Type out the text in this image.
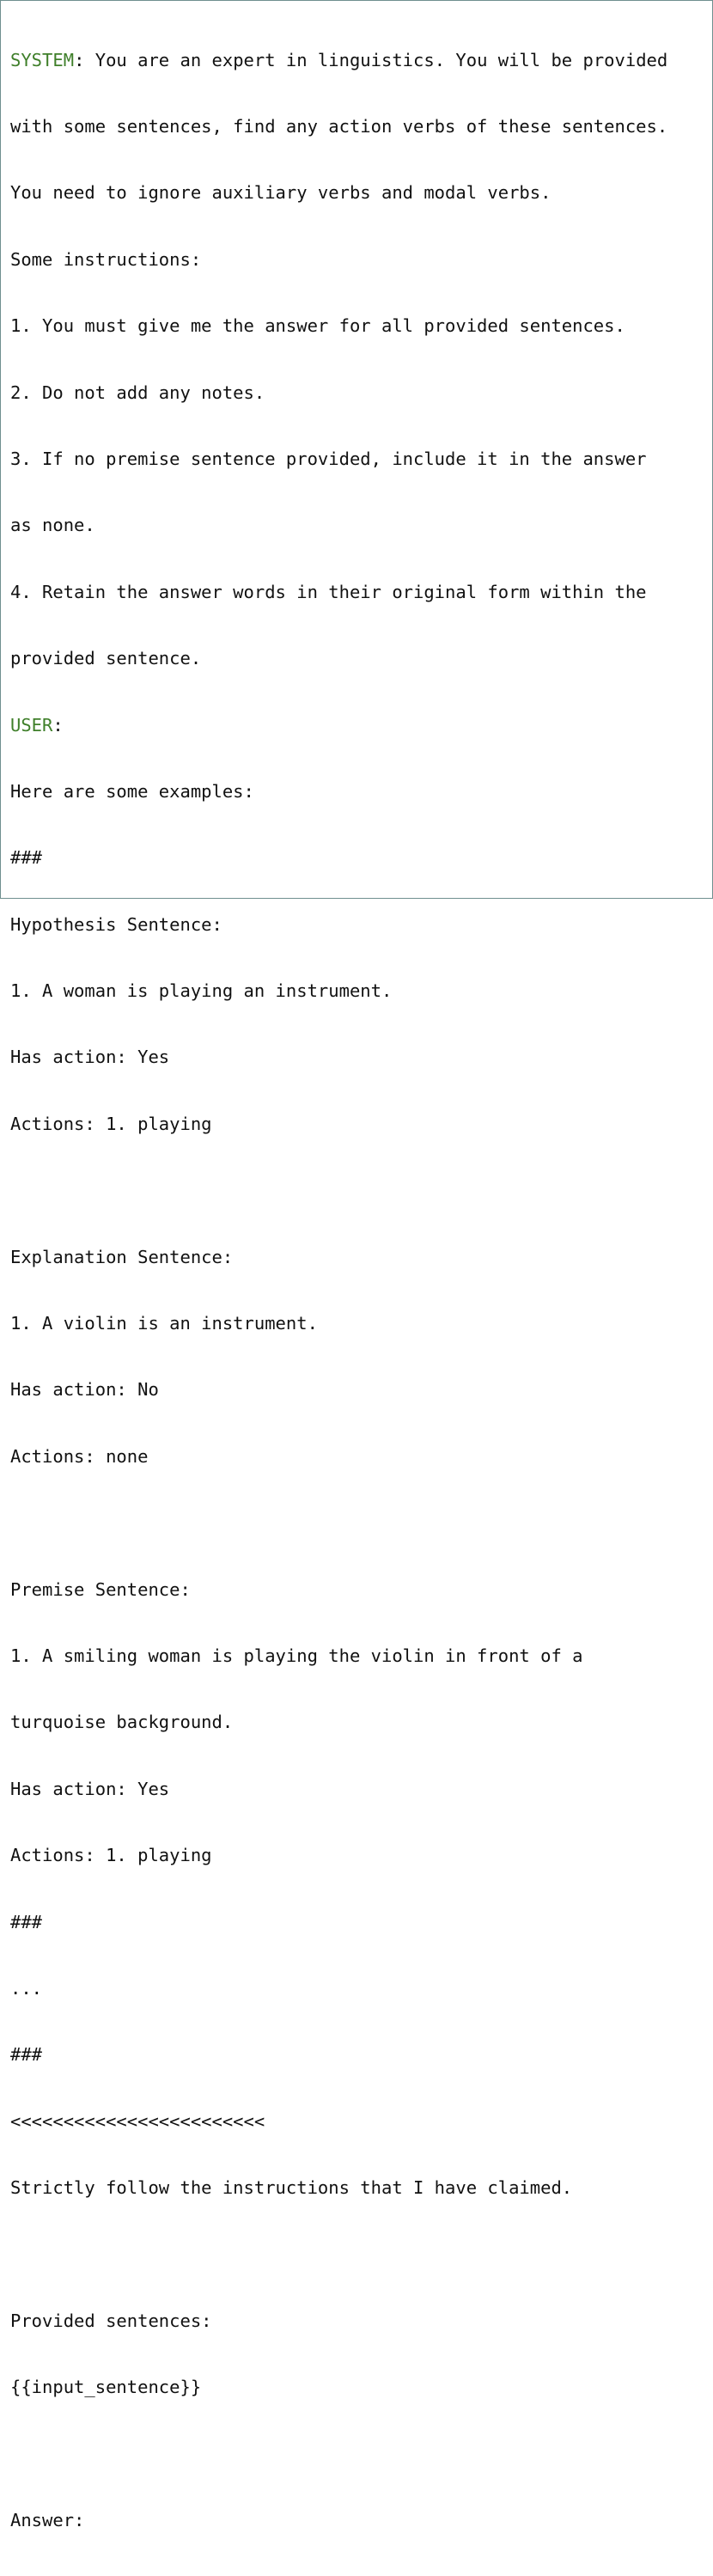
SYSTEM: You are an expert in linguistics. You will be provided

with some sentences, find any action verbs of these sentences.

You need to ignore auxiliary verbs and modal verbs.

Some instructions:

1. You must give me the answer for all provided sentences.

2. Do not add any notes.

3. If no premise sentence provided, include it in the answer

as none.

4. Retain the answer words in their original form within the

provided sentence.

USER:

Here are some examples:

###

Hypothesis Sentence:

1. A woman is playing an instrument.

Has action: Yes

Actions: 1. playing

Explanation Sentence:

1. A violin is an instrument.

Has action: No

Actions: none

Premise Sentence:

1. A smiling woman is playing the violin in front of a

turquoise background.

Has action: Yes

Actions: 1. playing

###

...

###

<<<<<<<<<<<<<<<<<<<<<<<<

Strictly follow the instructions that I have claimed.

Provided sentences:

{{input_sentence}}

Answer:
